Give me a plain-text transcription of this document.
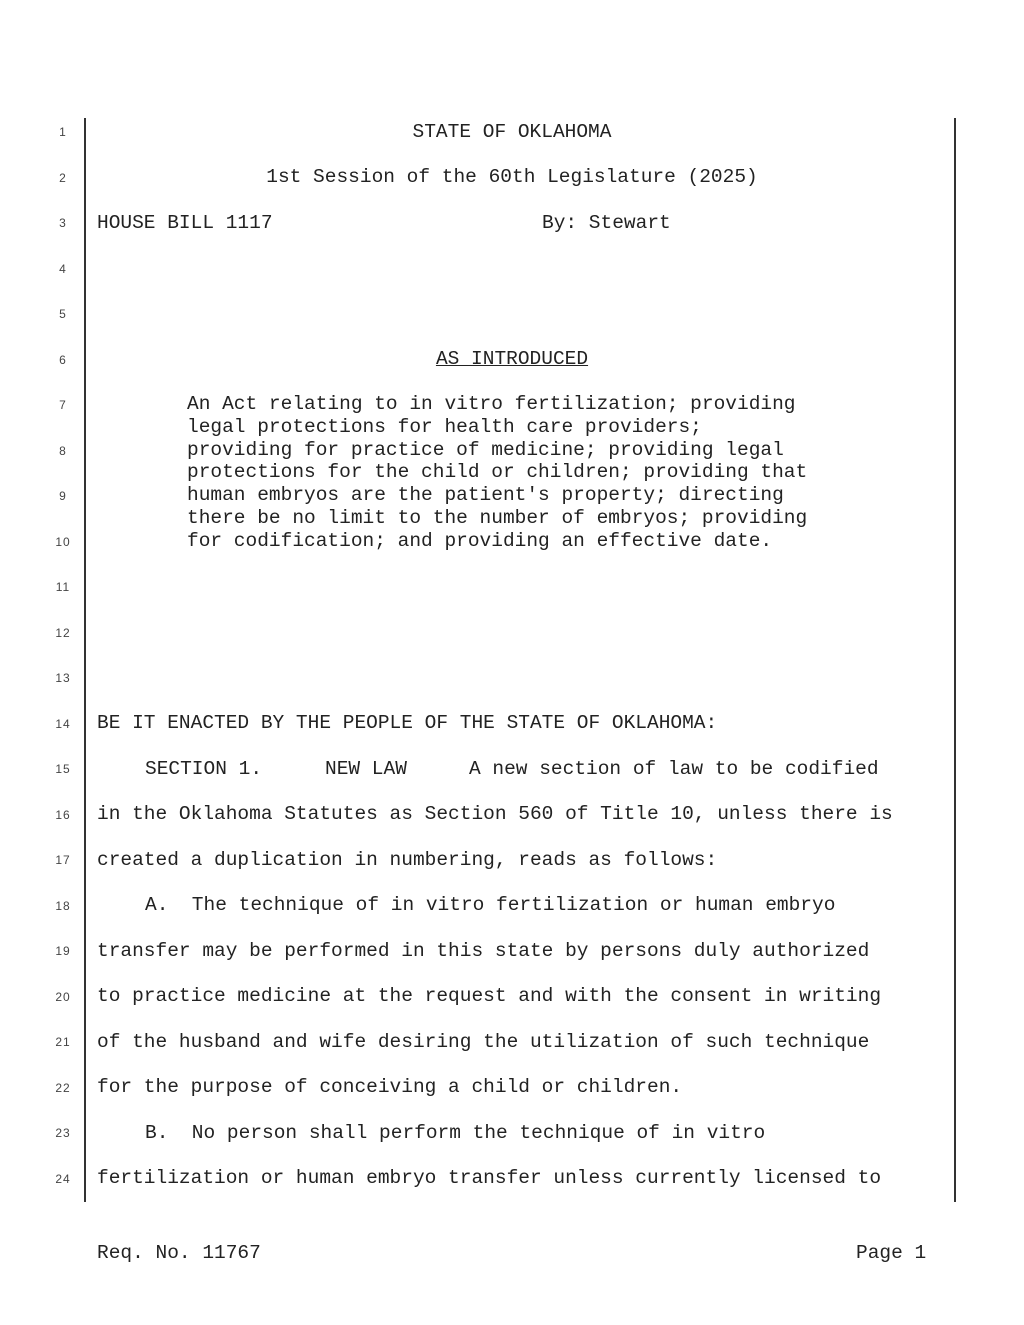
1
2
3
4
5
6
7
8
9
10
11
12
13
14
15
16
17
18
19
20
21
22
23
24
STATE OF OKLAHOMA
1st Session of the 60th Legislature (2025)
HOUSE BILL 1117	By: Stewart
AS INTRODUCED
An Act relating to in vitro fertilization; providing
legal protections for health care providers;
providing for practice of medicine; providing legal
protections for the child or children; providing that
human embryos are the patient's property; directing
there be no limit to the number of embryos; providing
for codification; and providing an effective date.
BE IT ENACTED BY THE PEOPLE OF THE STATE OF OKLAHOMA:
SECTION 1.	NEW LAW	A new section of law to be codified
in the Oklahoma Statutes as Section 560 of Title 10, unless there is
created a duplication in numbering, reads as follows:
A.  The technique of in vitro fertilization or human embryo
transfer may be performed in this state by persons duly authorized
to practice medicine at the request and with the consent in writing
of the husband and wife desiring the utilization of such technique
for the purpose of conceiving a child or children.
B.  No person shall perform the technique of in vitro
fertilization or human embryo transfer unless currently licensed to
Req. No. 11767	Page 1
